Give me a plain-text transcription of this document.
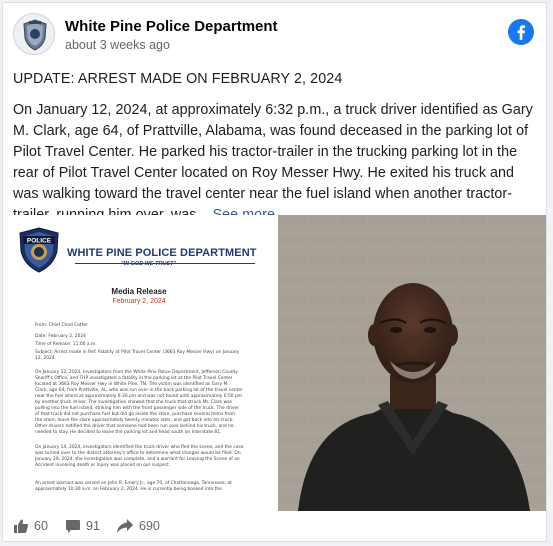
White Pine Police Department
about 3 weeks ago

UPDATE: ARREST MADE ON FEBRUARY 2, 2024

On January 12, 2024, at approximately 6:32 p.m., a truck driver identified as Gary M. Clark, age 64, of Prattville, Alabama, was found deceased in the parking lot of Pilot Travel Center. He parked his tractor-trailer in the trucking parking lot in the rear of Pilot Travel Center located on Roy Messer Hwy. He exited his truck and was walking toward the travel center near the fuel island when another tractor-

POLICE
WHITE PINE POLICE DEPARTMENT
"IN GOD WE TRUST"
Media Release
February 2, 2024
From: Chief Chad Cotter
Date: February 2, 2024
Time of Release: 11:00 a.m.
Subject: Arrest made in Ref: Fatality at Pilot Travel Center (3663 Roy Messer Hwy) on January
12, 2024.
On January 12, 2024, Investigators from the White Pine Police Department, Jefferson County
Sheriff's Office, and THP investigated a fatality in the parking lot at the Pilot Travel Center
located at 3663 Roy Messer Hwy in White Pine, TN. The victim was identified as Gary M.
Clark, age 64, from Prattville, AL, who was run over in the back parking lot of the travel center
near the fuel island at approximately 6:30 pm and was not found until approximately 6:50 pm
by another truck driver. The investigation showed that the truck that struck Mr. Clark was
pulling into the fuel island, striking him with the front passenger side of the truck. The driver
of that truck did not purchase fuel but did go inside the store, purchase several items from
the store, leave the store approximately twenty minutes later, and get back into his truck.
Other drivers notified the driver that someone had been run over behind his truck, and he
needed to stay. He decided to leave the parking lot and head south on Interstate 81.
On January 14, 2024, investigators identified the truck driver who fled the scene, and the case
was turned over to the district attorney's office to determine what charges would be filed. On
January 29, 2024, the investigation was complete, and a warrant for Leaving the Scene of an
Accident involving death or injury was placed on our suspect.
An arrest warrant was served on John R. Emery Jr., age 70, of Chattanooga, Tennessee, at
approximately 10:30 a.m. on February 2, 2024. He is currently being booked into the
60	91	690
